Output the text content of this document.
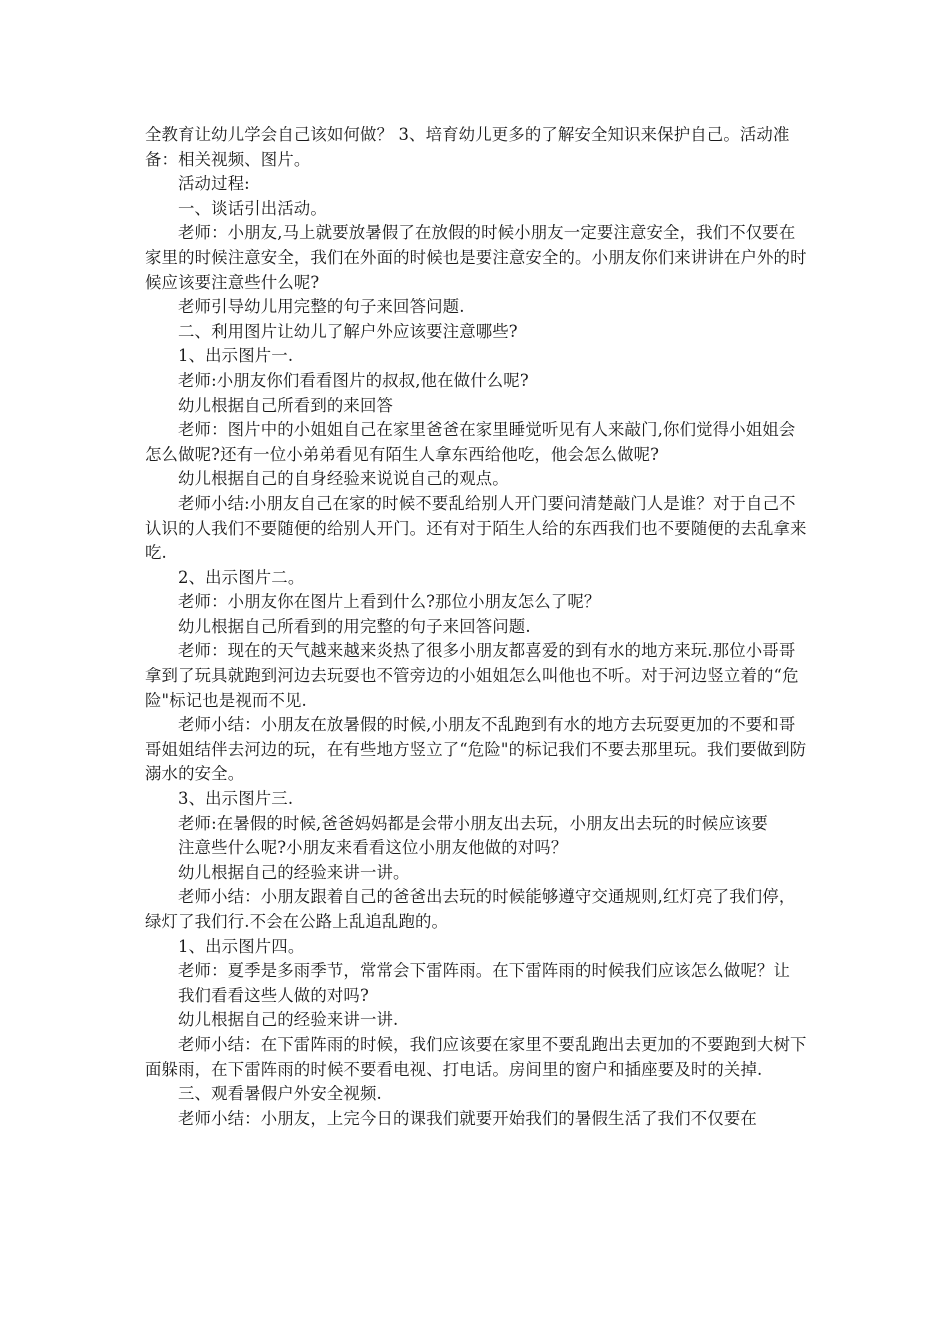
全教育让幼儿学会自己该如何做？ 3、培育幼儿更多的了解安全知识来保护自己。活动准备：相关视频、图片。

活动过程:

一、谈话引出活动。

老师：小朋友,马上就要放暑假了在放假的时候小朋友一定要注意安全，我们不仅要在家里的时候注意安全，我们在外面的时候也是要注意安全的。小朋友你们来讲讲在户外的时候应该要注意些什么呢?

老师引导幼儿用完整的句子来回答问题.

二、利用图片让幼儿了解户外应该要注意哪些?

1、出示图片一.

老师:小朋友你们看看图片的叔叔,他在做什么呢?

幼儿根据自己所看到的来回答

老师：图片中的小姐姐自己在家里爸爸在家里睡觉听见有人来敲门,你们觉得小姐姐会怎么做呢?还有一位小弟弟看见有陌生人拿东西给他吃，他会怎么做呢?

幼儿根据自己的自身经验来说说自己的观点。

老师小结:小朋友自己在家的时候不要乱给别人开门要问清楚敲门人是谁？对于自己不认识的人我们不要随便的给别人开门。还有对于陌生人给的东西我们也不要随便的去乱拿来吃.

2、出示图片二。

老师：小朋友你在图片上看到什么?那位小朋友怎么了呢？

幼儿根据自己所看到的用完整的句子来回答问题.

老师：现在的天气越来越来炎热了很多小朋友都喜爱的到有水的地方来玩.那位小哥哥拿到了玩具就跑到河边去玩耍也不管旁边的小姐姐怎么叫他也不听。对于河边竖立着的“危险"标记也是视而不见.

老师小结：小朋友在放暑假的时候,小朋友不乱跑到有水的地方去玩耍更加的不要和哥哥姐姐结伴去河边的玩，在有些地方竖立了“危险"的标记我们不要去那里玩。我们要做到防溺水的安全。

3、出示图片三.

老师:在暑假的时候,爸爸妈妈都是会带小朋友出去玩，小朋友出去玩的时候应该要

注意些什么呢?小朋友来看看这位小朋友他做的对吗？

幼儿根据自己的经验来讲一讲。

老师小结：小朋友跟着自己的爸爸出去玩的时候能够遵守交通规则,红灯亮了我们停，绿灯了我们行.不会在公路上乱追乱跑的。

1、出示图片四。

老师：夏季是多雨季节，常常会下雷阵雨。在下雷阵雨的时候我们应该怎么做呢？让

我们看看这些人做的对吗?

幼儿根据自己的经验来讲一讲.

老师小结：在下雷阵雨的时候，我们应该要在家里不要乱跑出去更加的不要跑到大树下面躲雨，在下雷阵雨的时候不要看电视、打电话。房间里的窗户和插座要及时的关掉.

三、观看暑假户外安全视频.

老师小结：小朋友，上完今日的课我们就要开始我们的暑假生活了我们不仅要在
